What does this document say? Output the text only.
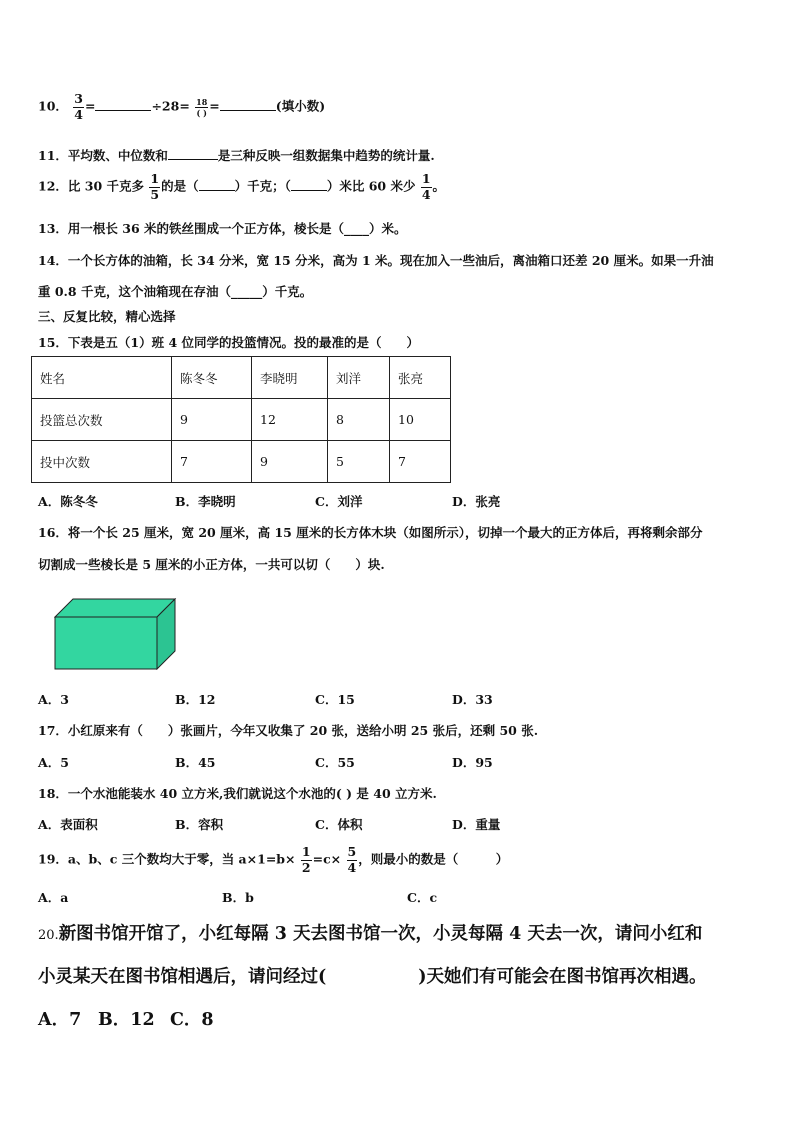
10． $\frac{3}{4}$ =	$\div 28= \frac{18}{( )}$ =	(填小数)
11．平均数、中位数和	是三种反映一组数据集中趋势的统计量.
12．比 30 千克多 $\frac{1}{5}$ 的是（	）千克；（	）米比 60 米少 $\frac{1}{4}$ 。
13．用一根长 36 米的铁丝围成一个正方体，棱长是（____）米。
14．一个长方体的油箱，长 34 分米，宽 15 分米，高为 1 米。现在加入一些油后，离油箱口还差 20 厘米。如果一升油
重 0.8 千克，这个油箱现在存油（_____）千克。
三、反复比较，精心选择
15．下表是五（1）班 4 位同学的投篮情况。投的最准的是（　　）
姓名	陈冬冬	李晓明	刘洋	张亮
投篮总次数	9	12	8	10
投中次数	7	9	5	7
A．陈冬冬	B．李晓明	C．刘洋	D．张亮
16．将一个长 25 厘米，宽 20 厘米，高 15 厘米的长方体木块（如图所示），切掉一个最大的正方体后，再将剩余部分
切割成一些棱长是 5 厘米的小正方体，一共可以切（　　）块.
A．3	B．12	C．15	D．33
17．小红原来有（　　）张画片，今年又收集了 20 张，送给小明 25 张后，还剩 50 张.
A．5	B．45	C．55	D．95
18．一个水池能装水 40 立方米,我们就说这个水池的( ) 是 40 立方米.
A．表面积	B．容积	C．体积	D．重量
19．a、b、c 三个数均大于零，当 $a\times 1=b\times \frac{1}{2} =c\times \frac{5}{4}$ ，则最小的数是（　　　）
A．a	B．b	C．c
20.新图书馆开馆了，小红每隔 3 天去图书馆一次，小灵每隔 4 天去一次，请问小红和
小灵某天在图书馆相遇后，请问经过(	)天她们有可能会在图书馆再次相遇。
A．7 B．12 C．8
